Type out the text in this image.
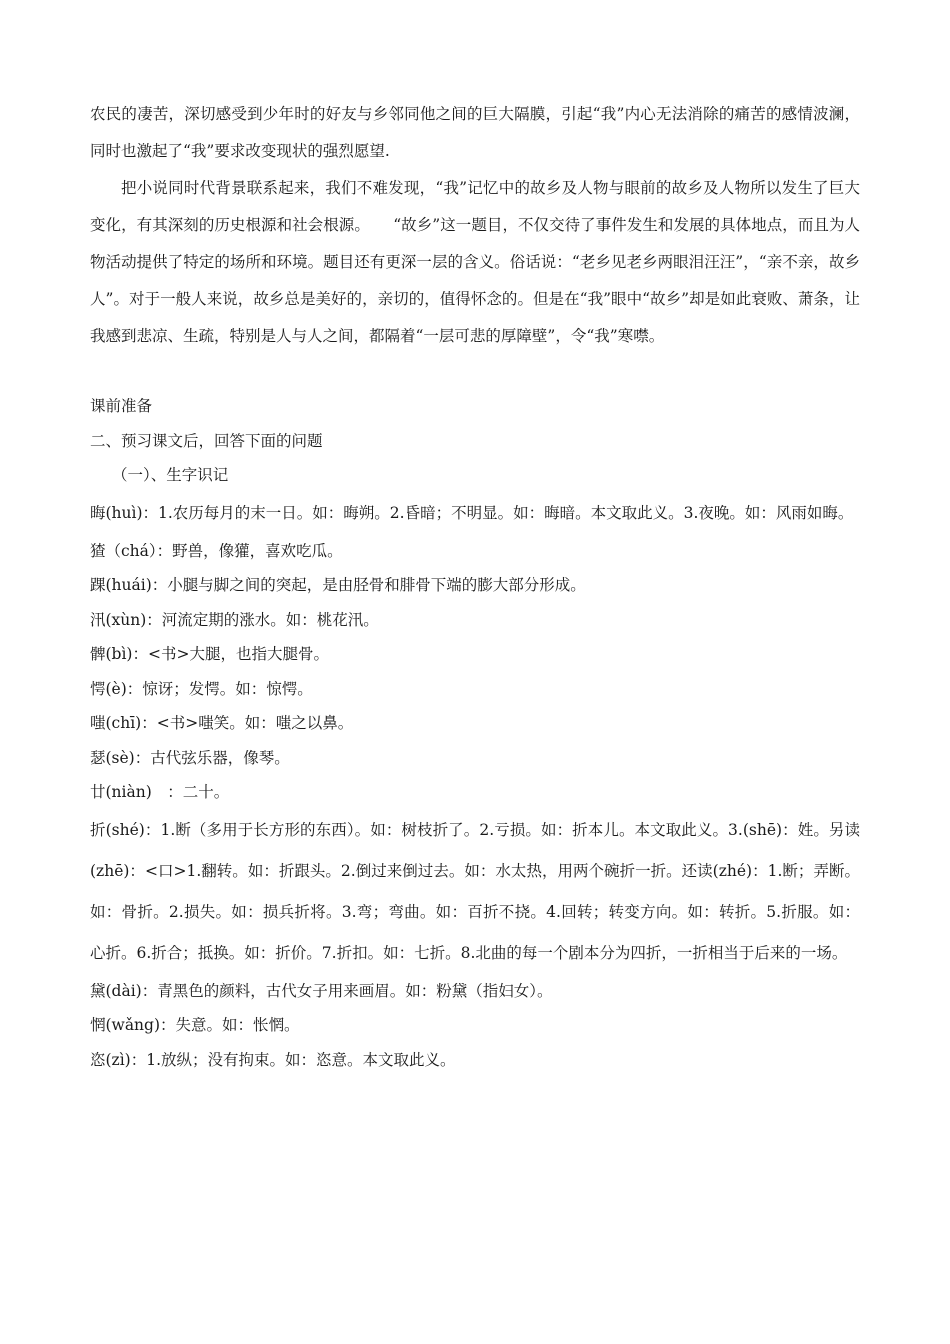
农民的凄苦，深切感受到少年时的好友与乡邻同他之间的巨大隔膜，引起“我”内心无法消除的痛苦的感情波澜，同时也激起了“我”要求改变现状的强烈愿望.

把小说同时代背景联系起来，我们不难发现，“我”记忆中的故乡及人物与眼前的故乡及人物所以发生了巨大变化，有其深刻的历史根源和社会根源。　　“故乡”这一题目，不仅交待了事件发生和发展的具体地点，而且为人物活动提供了特定的场所和环境。题目还有更深一层的含义。俗话说：“老乡见老乡两眼泪汪汪”，“亲不亲，故乡人”。对于一般人来说，故乡总是美好的，亲切的，值得怀念的。但是在“我”眼中“故乡”却是如此衰败、萧条，让我感到悲凉、生疏，特别是人与人之间，都隔着“一层可悲的厚障壁”，令“我”寒噤。

课前准备

二、预习课文后，回答下面的问题

（一）、生字识记

晦(huì)：1.农历每月的末一日。如：晦朔。2.昏暗；不明显。如：晦暗。本文取此义。3.夜晚。如：风雨如晦。

猹（chá）：野兽，像獾，喜欢吃瓜。

踝(huái)：小腿与脚之间的突起，是由胫骨和腓骨下端的膨大部分形成。

汛(xùn)：河流定期的涨水。如：桃花汛。

髀(bì)：<书>大腿，也指大腿骨。

愕(è)：惊讶；发愕。如：惊愕。

嗤(chī)：<书>嗤笑。如：嗤之以鼻。

瑟(sè)：古代弦乐器，像琴。

廿(niàn)　：二十。

折(shé)：1.断（多用于长方形的东西）。如：树枝折了。2.亏损。如：折本儿。本文取此义。3.(shē)：姓。另读(zhē)：<口>1.翻转。如：折跟头。2.倒过来倒过去。如：水太热，用两个碗折一折。还读(zhé)：1.断；弄断。如：骨折。2.损失。如：损兵折将。3.弯；弯曲。如：百折不挠。4.回转；转变方向。如：转折。5.折服。如：心折。6.折合；抵换。如：折价。7.折扣。如：七折。8.北曲的每一个剧本分为四折，一折相当于后来的一场。

黛(dài)：青黑色的颜料，古代女子用来画眉。如：粉黛（指妇女）。

惘(wǎng)：失意。如：怅惘。

恣(zì)：1.放纵；没有拘束。如：恣意。本文取此义。
